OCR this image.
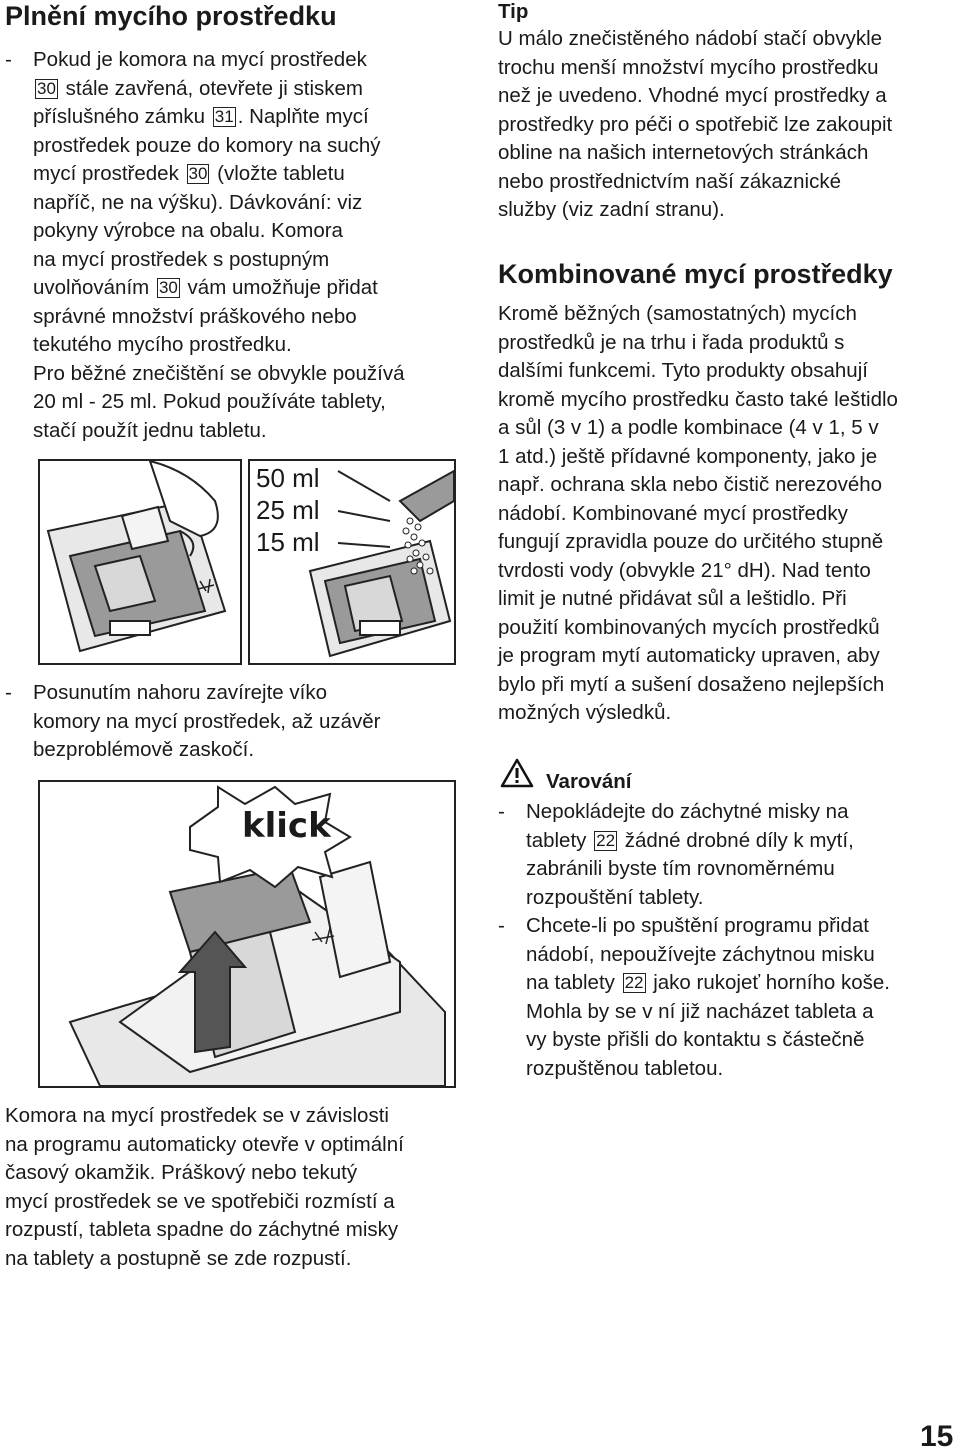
Plnění mycího prostředku
- Pokud je komora na mycí prostředek
30 stále zavřená, otevřete ji stiskem
příslušného zámku 31 . Naplňte mycí
prostředek pouze do komory na suchý
mycí prostředek 30 (vložte tabletu
napříč, ne na výšku). Dávkování: viz
pokyny výrobce na obalu. Komora
na mycí prostředek s postupným
uvolňováním 30 vám umožňuje přidat
správné množství práškového nebo
tekutého mycího prostředku.
Pro běžné znečištění se obvykle používá
20 ml - 25 ml. Pokud používáte tablety,
stačí použít jednu tabletu.
50 ml
25 ml
15 ml
- Posunutím nahoru zavírejte víko
komory na mycí prostředek, až uzávěr
bezproblémově zaskočí.
klick
Komora na mycí prostředek se v závislosti
na programu automaticky otevře v optimální
časový okamžik. Práškový nebo tekutý
mycí prostředek se ve spotřebiči rozmístí a
rozpustí, tableta spadne do záchytné misky
na tablety a postupně se zde rozpustí.
Tip
U málo znečistěného nádobí stačí obvykle
trochu menší množství mycího prostředku
než je uvedeno. Vhodné mycí prostředky a
prostředky pro péči o spotřebič lze zakoupit
obline na našich internetových stránkách
nebo prostřednictvím naší zákaznické
služby (viz zadní stranu).
Kombinované mycí prostředky
Kromě běžných (samostatných) mycích
prostředků je na trhu i řada produktů s
dalšími funkcemi. Tyto produkty obsahují
kromě mycího prostředku často také leštidlo
a sůl (3 v 1) a podle kombinace (4 v 1, 5 v
1 atd.) ještě přídavné komponenty, jako je
např. ochrana skla nebo čistič nerezového
nádobí. Kombinované mycí prostředky
fungují zpravidla pouze do určitého stupně
tvrdosti vody (obvykle 21° dH). Nad tento
limit je nutné přidávat sůl a leštidlo. Při
použití kombinovaných mycích prostředků
je program mytí automaticky upraven, aby
bylo při mytí a sušení dosaženo nejlepších
možných výsledků.
Varování
- Nepokládejte do záchytné misky na
tablety 22 žádné drobné díly k mytí,
zabránili byste tím rovnoměrnému
rozpouštění tablety.
- Chcete-li po spuštění programu přidat
nádobí, nepoužívejte záchytnou misku
na tablety 22 jako rukojeť horního koše.
Mohla by se v ní již nacházet tableta a
vy byste přišli do kontaktu s částečně
rozpuštěnou tabletou.
15
